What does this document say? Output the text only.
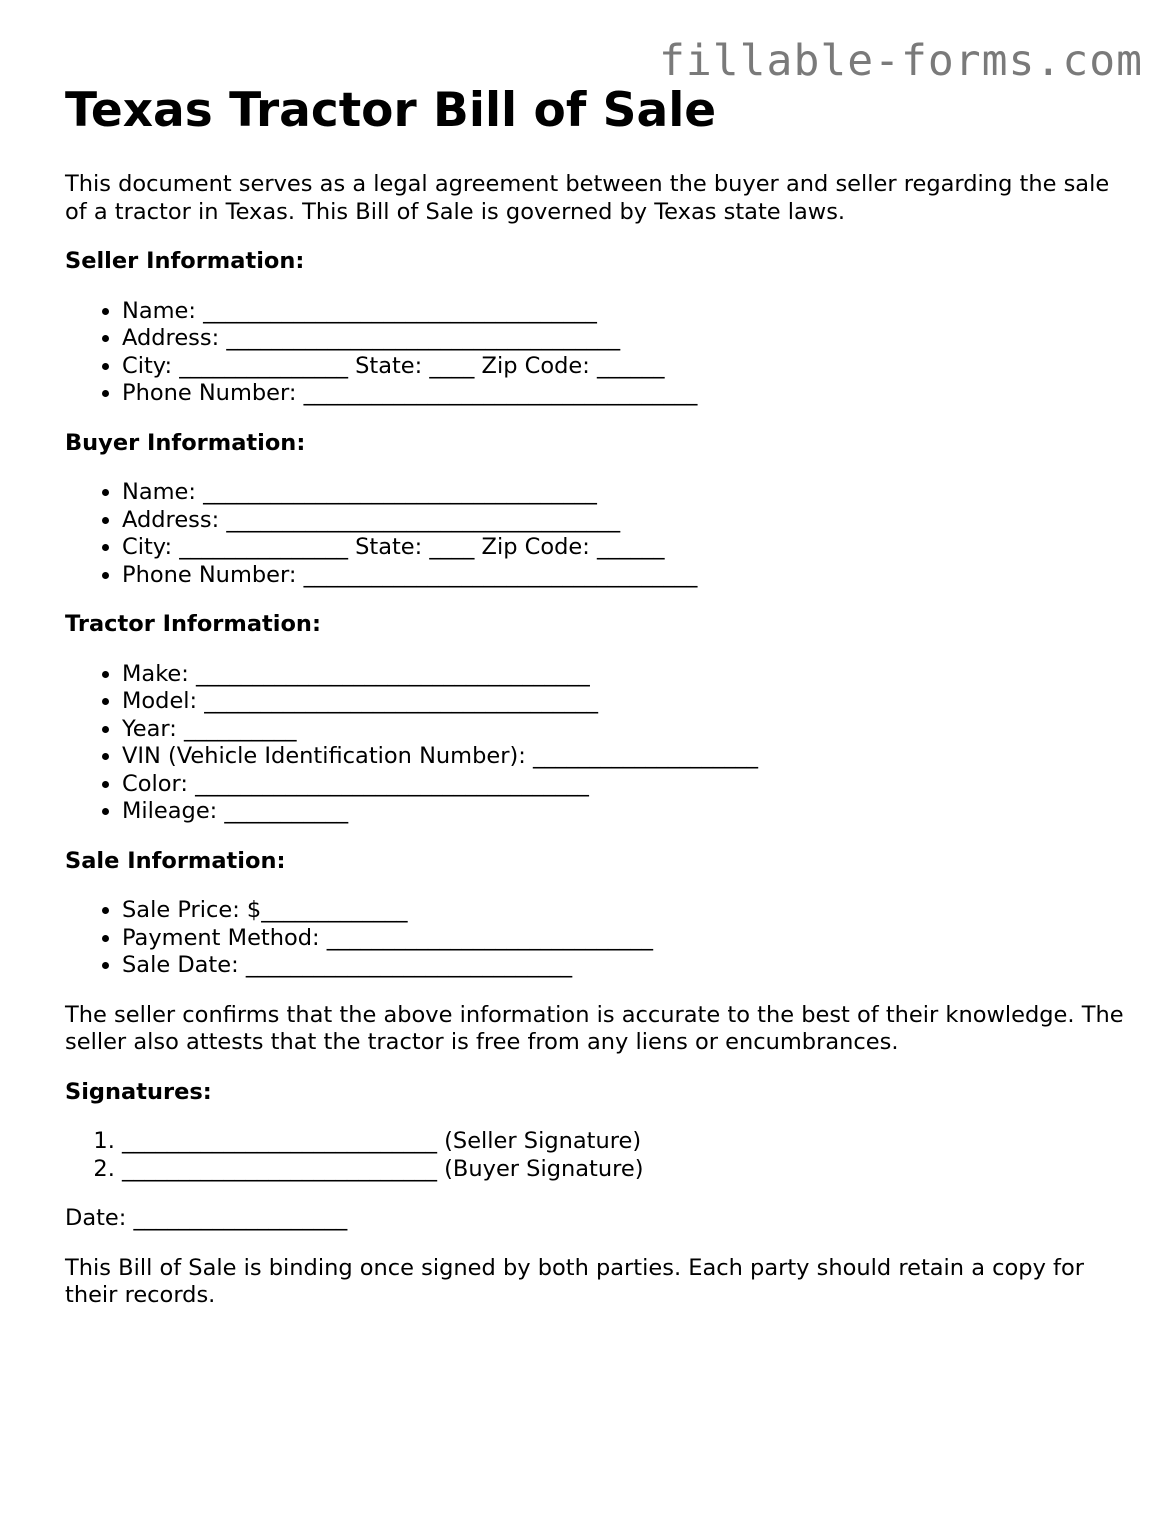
fillable-forms.com
Texas Tractor Bill of Sale

This document serves as a legal agreement between the buyer and seller regarding the sale of a tractor in Texas. This Bill of Sale is governed by Texas state laws.

Seller Information:
• Name: ___________________________________
• Address: ___________________________________
• City: _______________ State: ____ Zip Code: ______
• Phone Number: ___________________________________
Buyer Information:
• Name: ___________________________________
• Address: ___________________________________
• City: _______________ State: ____ Zip Code: ______
• Phone Number: ___________________________________
Tractor Information:
• Make: ___________________________________
• Model: ___________________________________
• Year: __________
• VIN (Vehicle Identification Number): ____________________
• Color: ___________________________________
• Mileage: ___________
Sale Information:
• Sale Price: $_____________
• Payment Method: _____________________________
• Sale Date: _____________________________

The seller confirms that the above information is accurate to the best of their knowledge. The seller also attests that the tractor is free from any liens or encumbrances.

Signatures:
1. ____________________________ (Seller Signature)
2. ____________________________ (Buyer Signature)

Date: ___________________

This Bill of Sale is binding once signed by both parties. Each party should retain a copy for their records.
